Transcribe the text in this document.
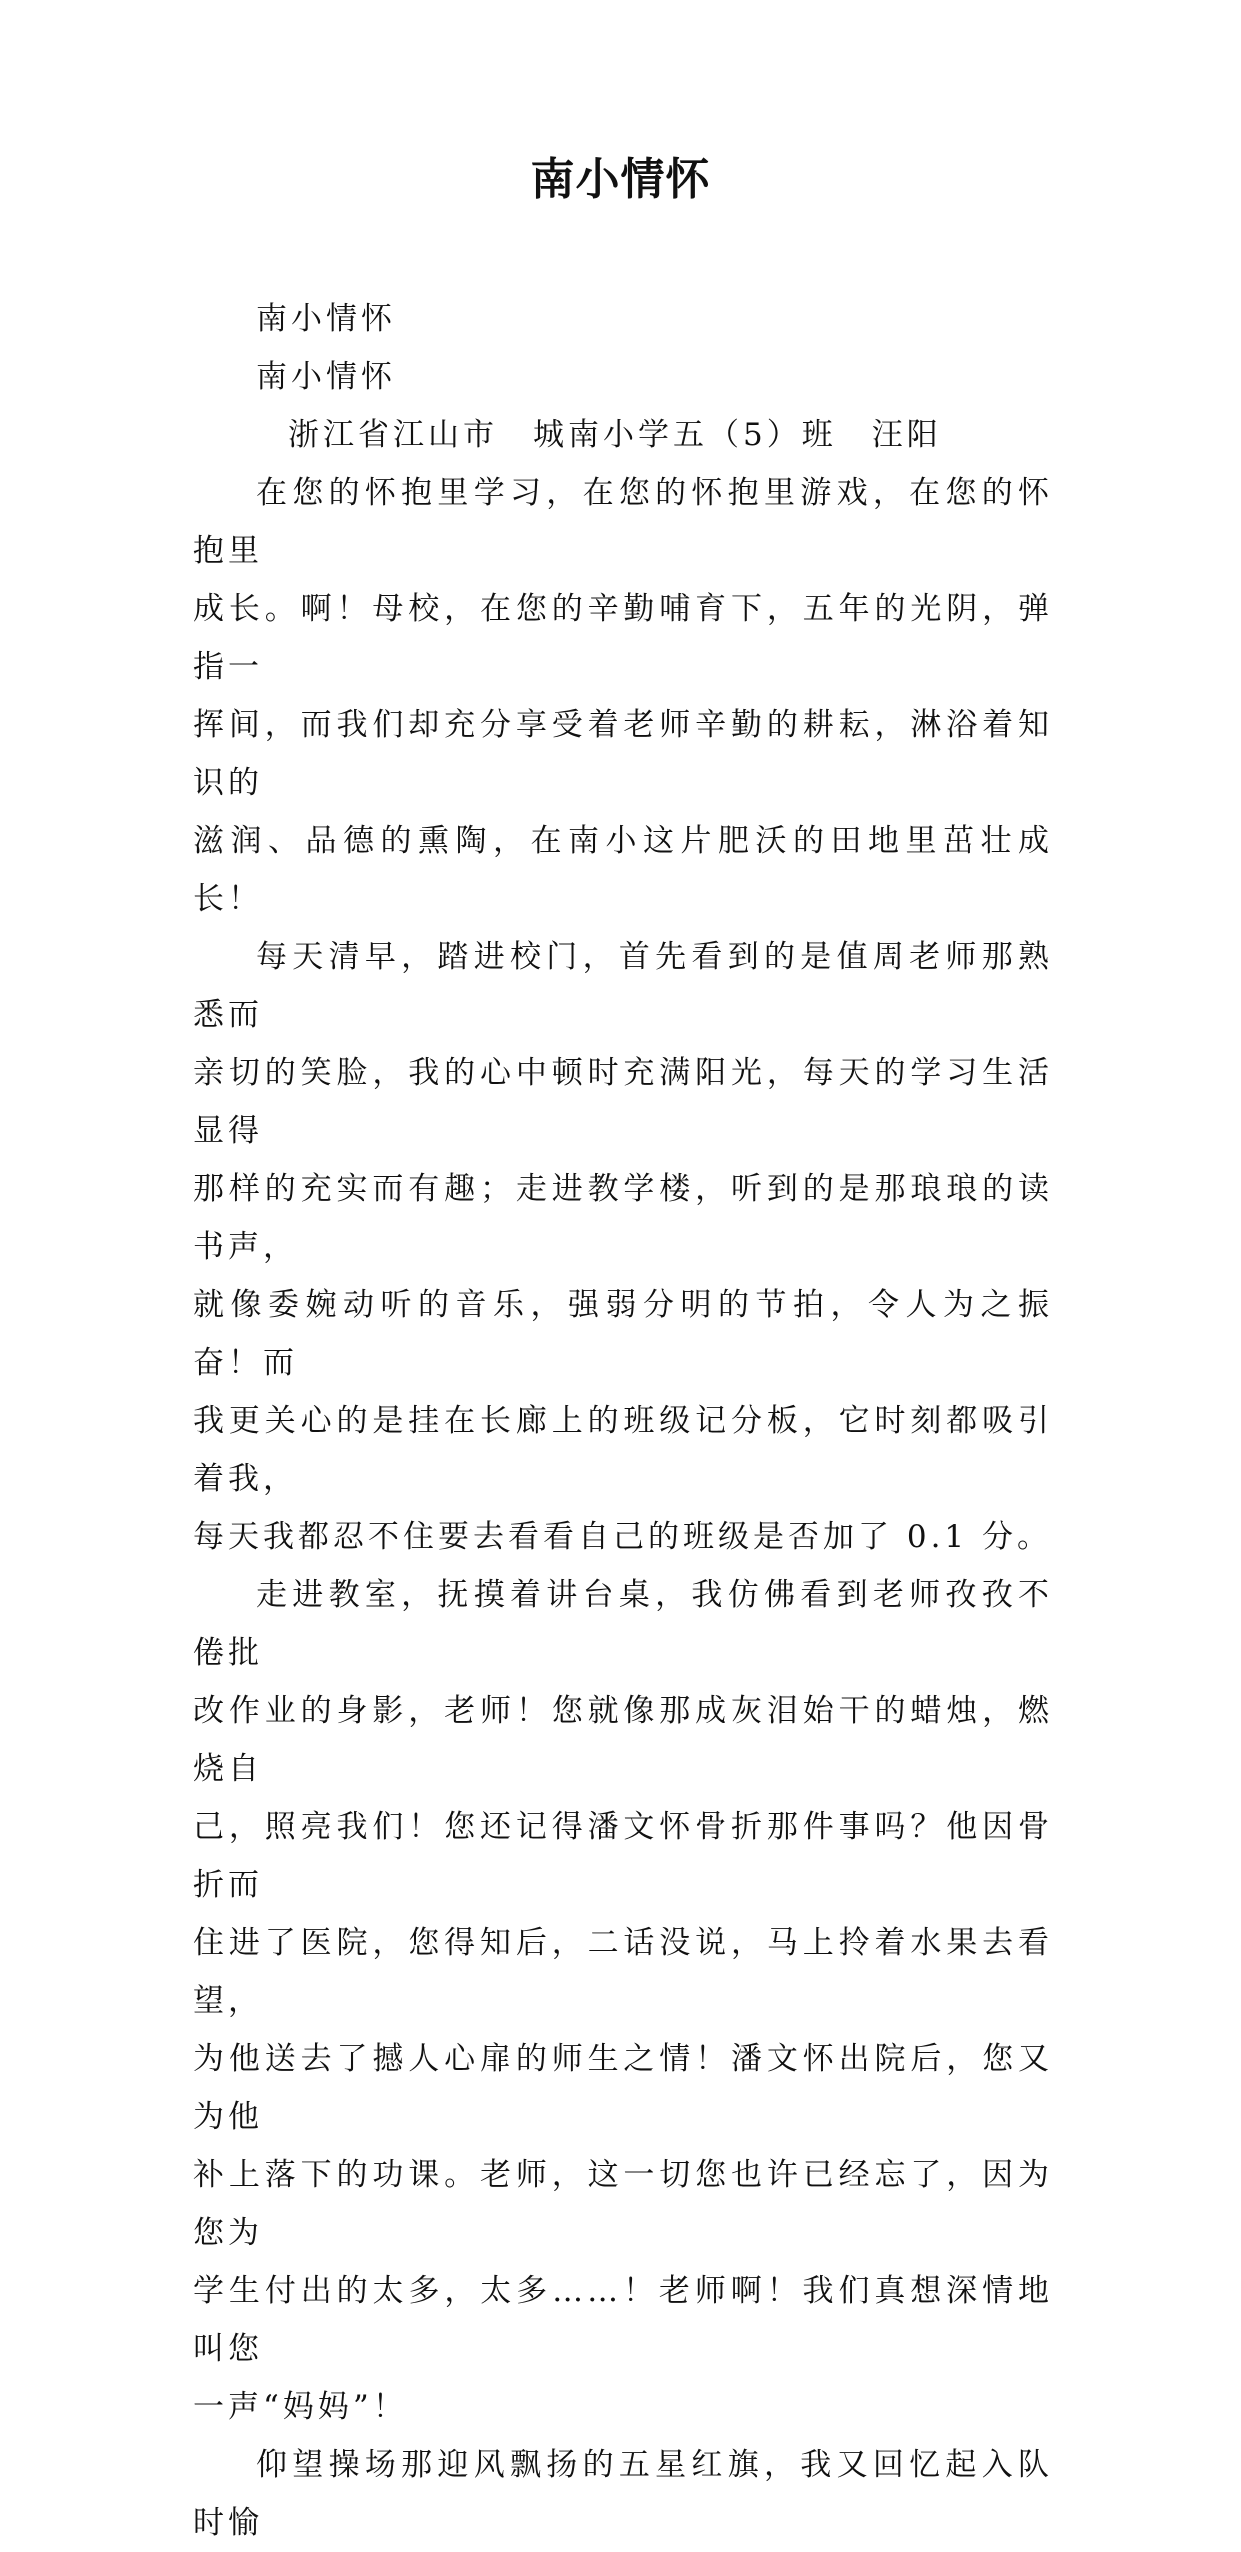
南小情怀
南小情怀
南小情怀
浙江省江山市　城南小学五（5）班　汪阳

在您的怀抱里学习，在您的怀抱里游戏，在您的怀抱里
成长。啊！母校，在您的辛勤哺育下，五年的光阴，弹指一
挥间，而我们却充分享受着老师辛勤的耕耘，淋浴着知识的
滋润、品德的熏陶，在南小这片肥沃的田地里茁壮成长！

每天清早，踏进校门，首先看到的是值周老师那熟悉而
亲切的笑脸，我的心中顿时充满阳光，每天的学习生活显得
那样的充实而有趣；走进教学楼，听到的是那琅琅的读书声，
就像委婉动听的音乐，强弱分明的节拍，令人为之振奋！而
我更关心的是挂在长廊上的班级记分板，它时刻都吸引着我，
每天我都忍不住要去看看自己的班级是否加了 0.1 分。

走进教室，抚摸着讲台桌，我仿佛看到老师孜孜不倦批
改作业的身影，老师！您就像那成灰泪始干的蜡烛，燃烧自
己，照亮我们！您还记得潘文怀骨折那件事吗？他因骨折而
住进了医院，您得知后，二话没说，马上拎着水果去看望，
为他送去了撼人心扉的师生之情！潘文怀出院后，您又为他
补上落下的功课。老师，这一切您也许已经忘了，因为您为
学生付出的太多，太多……！老师啊！我们真想深情地叫您
一声“妈妈”！

仰望操场那迎风飘扬的五星红旗，我又回忆起入队时愉
